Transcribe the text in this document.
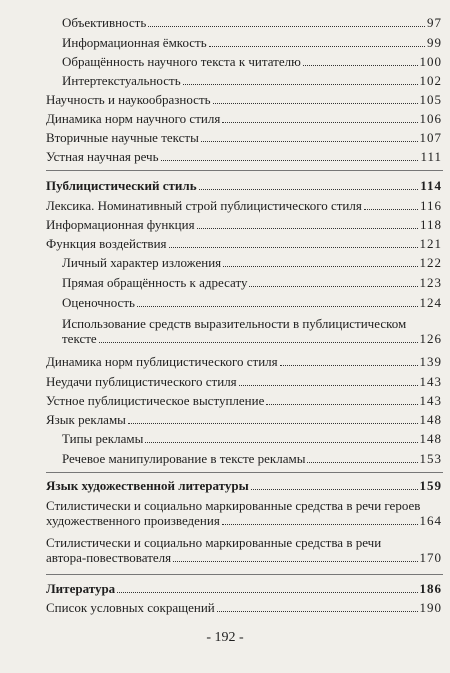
Объективность	97
Информационная ёмкость	99
Обращённость научного текста к читателю	100
Интертекстуальность	102
Научность и наукообразность	105
Динамика норм научного стиля	106
Вторичные научные тексты	107
Устная научная речь	111
Публицистический стиль	114
Лексика. Номинативный строй публицистического стиля	116
Информационная функция	118
Функция воздействия	121
Личный характер изложения	122
Прямая обращённость к адресату	123
Оценочность	124
Использование средств выразительности в публицистическом
тексте	126
Динамика норм публицистического стиля	139
Неудачи публицистического стиля	143
Устное публицистическое выступление	143
Язык рекламы	148
Типы рекламы	148
Речевое манипулирование в тексте рекламы	153
Язык художественной литературы	159
Стилистически и социально маркированные средства в речи героев
художественного произведения	164
Стилистически и социально маркированные средства в речи
автора-повествователя	170
Литература	186
Список условных сокращений	190
- 192 -
